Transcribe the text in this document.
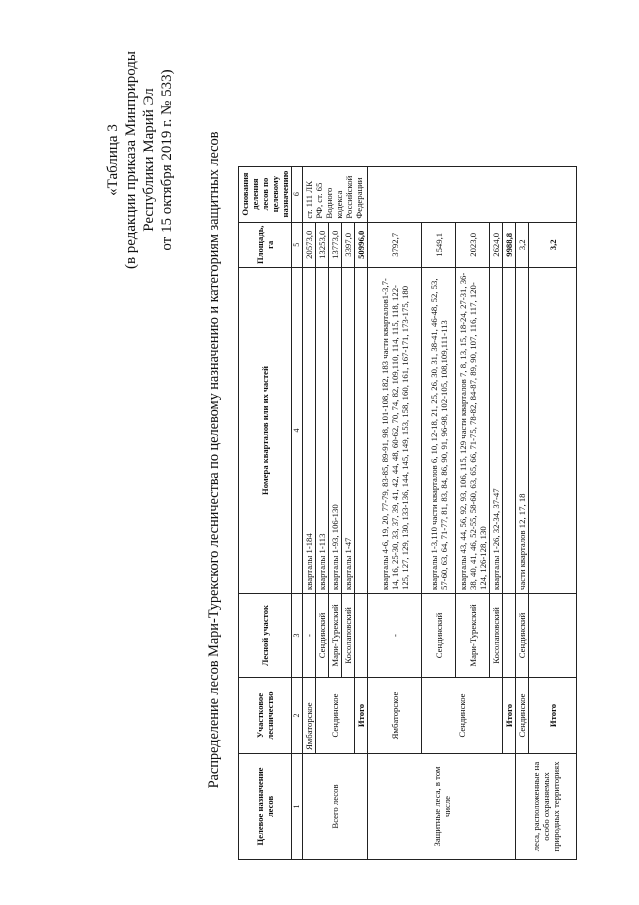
«Таблица 3 (в редакции приказа Минприроды Республики Марий Эл от 15 октября 2019 г. № 533) Распределение лесов Мари-Турекского лесничества по целевому назначению и категориям защитных лесов
Целевое назначение лесов	Участковое лесничество	Лесной участок	Номера кварталов или их частей	Площадь, га	Основания деления лесов по целевому назначению
1	2	3	4	5	6
Всего лесов	Ямбаторское	-	кварталы 1-184	20573,0	ст. 111 ЛК РФ, ст. 65 Водного кодекса Российской Федерации
	Сендинское	Сендинский	кварталы 1-113	13253,0	
		Мари-Турекский	кварталы 1-93, 106-130	13773,0	
		Косолаповский	кварталы 1-47	3397,0	
	Итого			50996,0	
Защитные леса, в том числе	Ямбаторское	-	кварталы 4-6, 19, 20, 77-79, 83-85, 89-91, 98, 101-108, 182, 183 части кварталов1-3,7-14, 16, 25-30, 33, 37, 39, 41, 42, 44, 48, 60-62, 70, 74, 82, 109,110, 114, 115, 118, 122-125, 127, 129, 130, 133-136, 144, 145, 149, 153, 158, 160, 161, 167-171, 173-175, 180	3792,7	
	Сендинское	Сендинский	кварталы 1-3,110 части кварталов 6, 10, 12-18, 21, 25, 26, 30, 31, 38-41, 46-48, 52, 53, 57-60, 63, 64, 71-77, 81, 83, 84, 86, 90, 91, 96-98, 102-105, 108,109,111-113	1549,1	
		Мари-Турекский	кварталы 43, 44, 56, 92, 93, 106, 115, 129 части кварталов 7, 8, 13, 15, 18-24, 27-31, 36-38, 40, 41, 46, 52-55, 58-60, 63, 65, 66, 71-75, 78-82, 84-87, 89, 90, 107, 116, 117, 120-124, 126-128, 130	2023,0	
		Косолаповский	кварталы 1-26, 32-34, 37-47	2624,0	
	Итого			9988,8	
леса, расположенные на особо охраняемых природных территориях	Сендинское	Сендинский	части кварталов 12, 17, 18	3,2	
	Итого			3,2	
